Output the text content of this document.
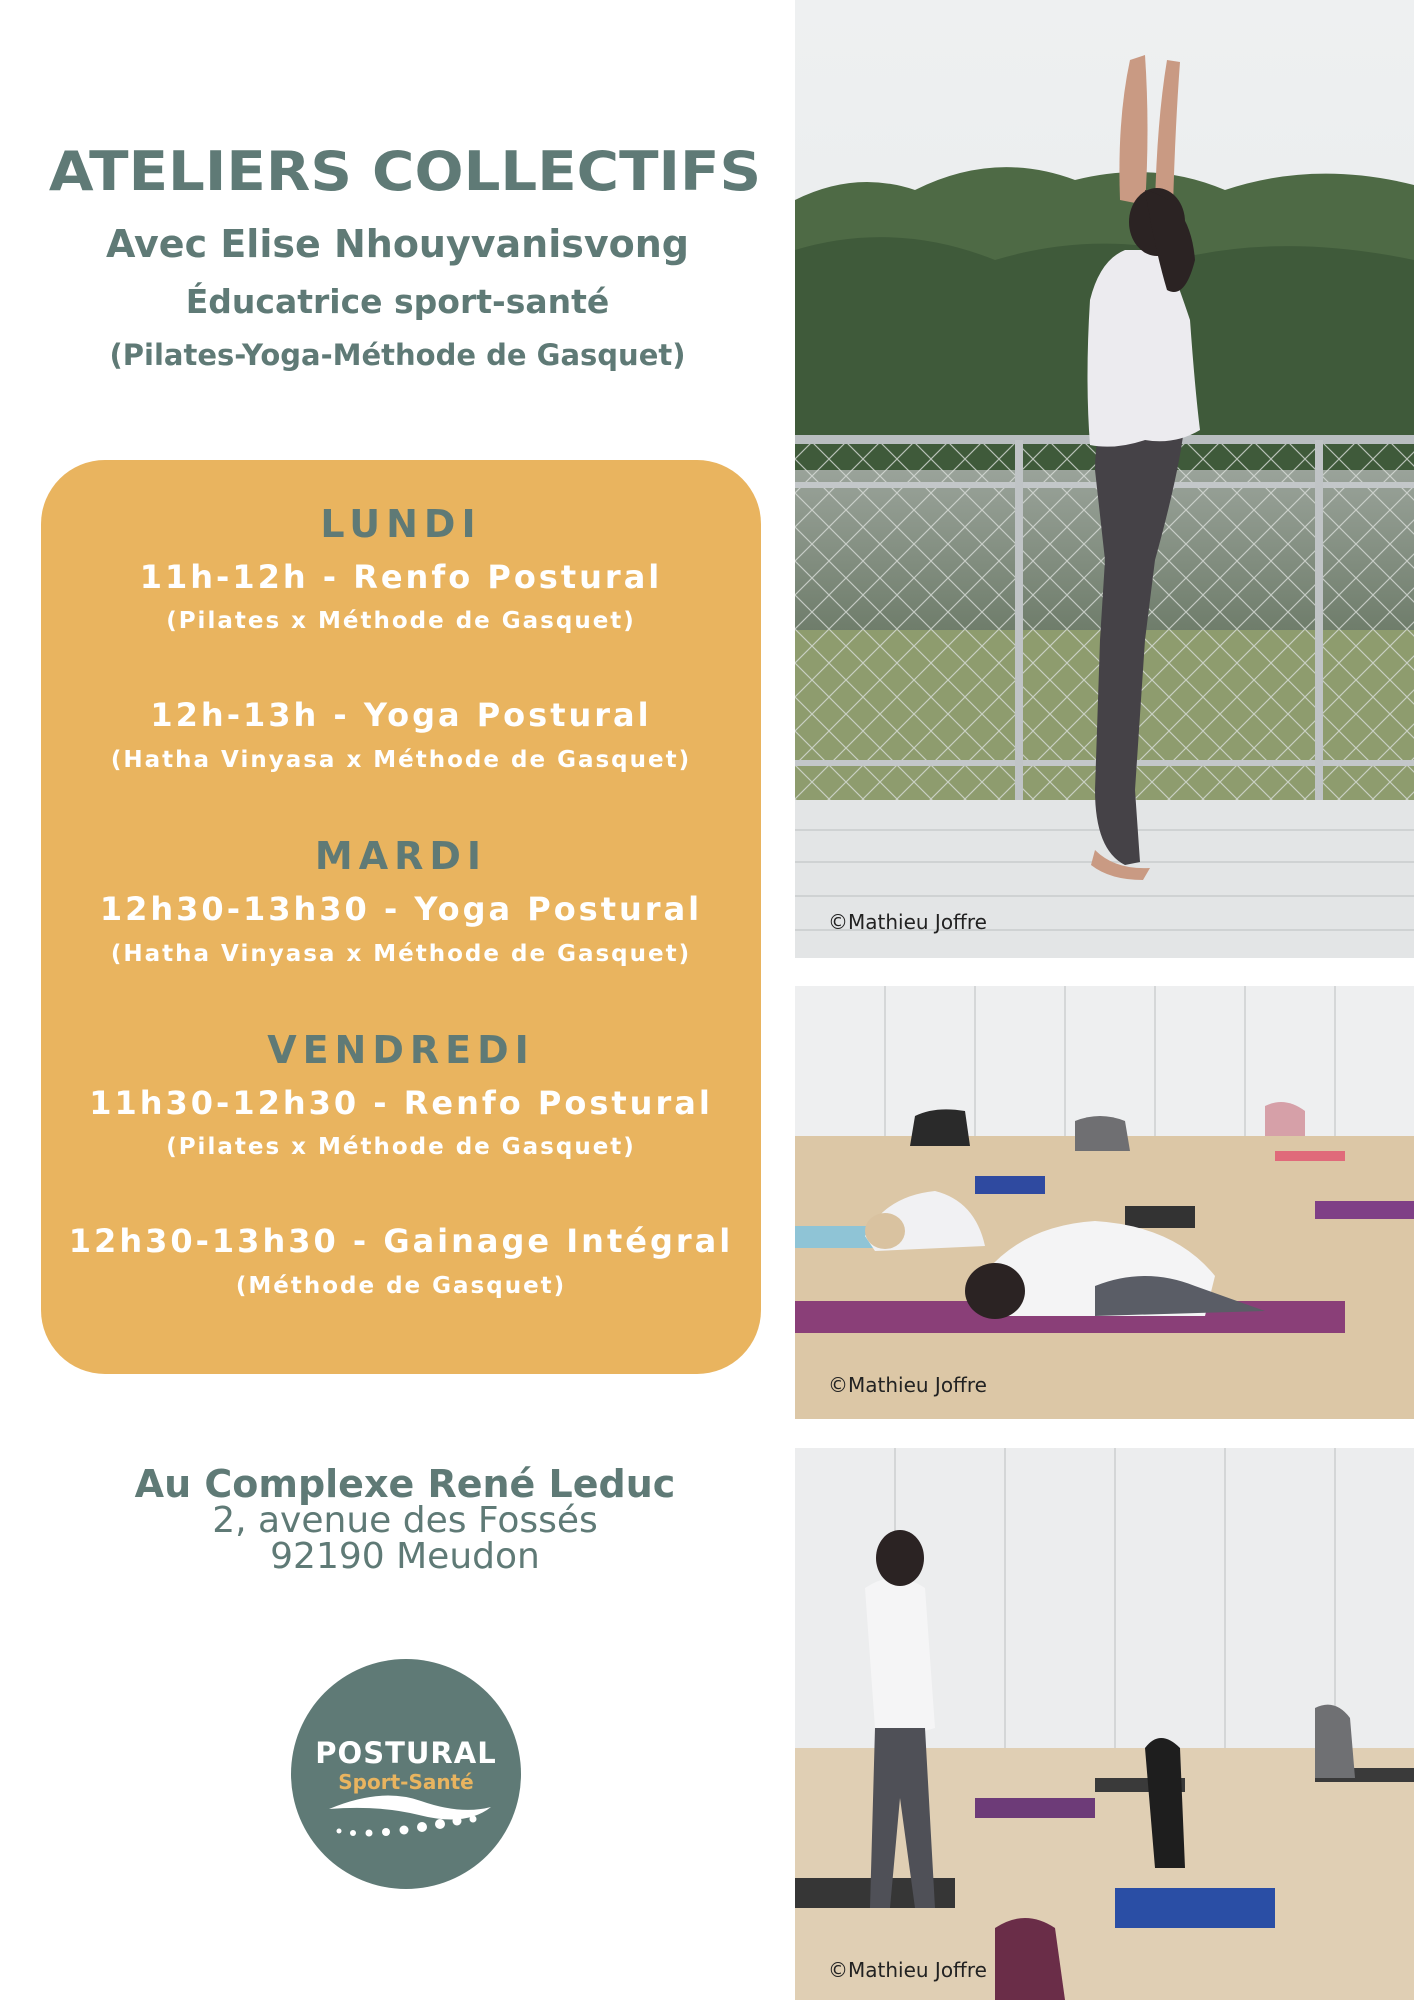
ATELIERS COLLECTIFS
Avec Elise Nhouyvanisvong
Éducatrice sport-santé
(Pilates-Yoga-Méthode de Gasquet)
LUNDI
11h-12h - Renfo Postural
(Pilates x Méthode de Gasquet)
12h-13h - Yoga Postural
(Hatha Vinyasa x Méthode de Gasquet)
MARDI
12h30-13h30 - Yoga Postural
(Hatha Vinyasa x Méthode de Gasquet)
VENDREDI
11h30-12h30 - Renfo Postural
(Pilates x Méthode de Gasquet)
12h30-13h30 - Gainage Intégral
(Méthode de Gasquet)
Au Complexe René Leduc
2, avenue des Fossés
92190 Meudon
POSTURAL
Sport-Santé
©Mathieu Joffre
©Mathieu Joffre
©Mathieu Joffre
